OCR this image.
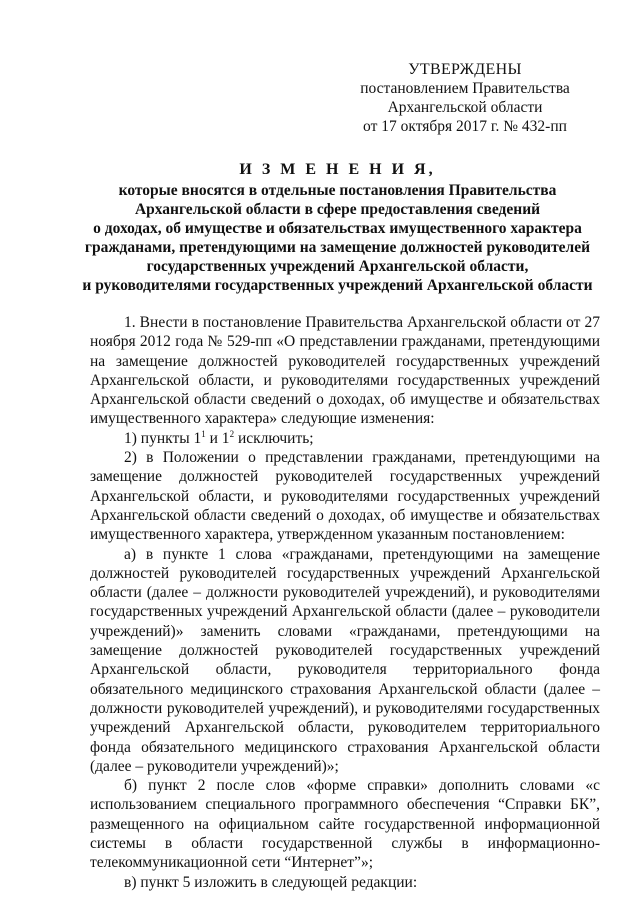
УТВЕРЖДЕНЫ
постановлением Правительства
Архангельской области
от 17 октября 2017 г. № 432-пп
И З М Е Н Е Н И Я,
которые вносятся в отдельные постановления Правительства
Архангельской области в сфере предоставления сведений
о доходах, об имуществе и обязательствах имущественного характера
гражданами, претендующими на замещение должностей руководителей
государственных учреждений Архангельской области,
и руководителями государственных учреждений Архангельской области

1. Внести в постановление Правительства Архангельской области от 27 ноября 2012 года № 529-пп «О представлении гражданами, претендующими на замещение должностей руководителей государственных учреждений Архангельской области, и руководителями государственных учреждений Архангельской области сведений о доходах, об имуществе и обязательствах имущественного характера» следующие изменения:

1) пункты $1^1$ и $1^2$ исключить;

2) в Положении о представлении гражданами, претендующими на замещение должностей руководителей государственных учреждений Архангельской области, и руководителями государственных учреждений Архангельской области сведений о доходах, об имуществе и обязательствах имущественного характера, утвержденном указанным постановлением:

а) в пункте 1 слова «гражданами, претендующими на замещение должностей руководителей государственных учреждений Архангельской области (далее – должности руководителей учреждений), и руководителями государственных учреждений Архангельской области (далее – руководители учреждений)» заменить словами «гражданами, претендующими на замещение должностей руководителей государственных учреждений Архангельской области, руководителя территориального фонда обязательного медицинского страхования Архангельской области (далее – должности руководителей учреждений), и руководителями государственных учреждений Архангельской области, руководителем территориального фонда обязательного медицинского страхования Архангельской области (далее – руководители учреждений)»;

б) пункт 2 после слов «форме справки» дополнить словами «с использованием специального программного обеспечения “Справки БК”, размещенного на официальном сайте государственной информационной системы в области государственной службы в информационно-телекоммуникационной сети “Интернет”»;

в) пункт 5 изложить в следующей редакции:
